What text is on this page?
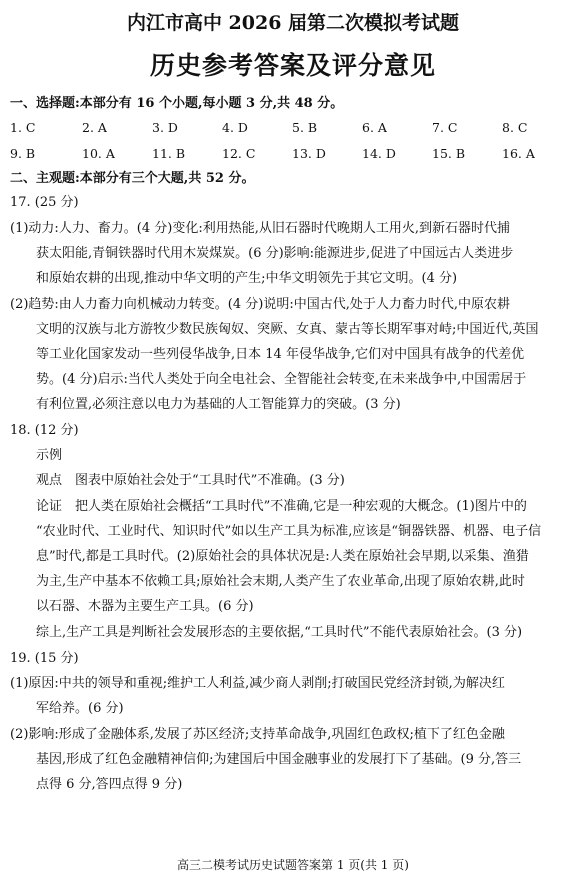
内江市高中 2026 届第二次模拟考试题
历史参考答案及评分意见
一、选择题:本部分有 16 个小题,每小题 3 分,共 48 分。
1. C	2. A	3. D	4. D	5. B	6. A	7. C	8. C
9. B	10. A	11. B	12. C	13. D	14. D	15. B	16. A
二、主观题:本部分有三个大题,共 52 分。
17. (25 分)
(1)动力:人力、畜力。(4 分)变化:利用热能,从旧石器时代晚期人工用火,到新石器时代捕
获太阳能,青铜铁器时代用木炭煤炭。(6 分)影响:能源进步,促进了中国远古人类进步
和原始农耕的出现,推动中华文明的产生;中华文明领先于其它文明。(4 分)
(2)趋势:由人力畜力向机械动力转变。(4 分)说明:中国古代,处于人力畜力时代,中原农耕
文明的汉族与北方游牧少数民族匈奴、突厥、女真、蒙古等长期军事对峙;中国近代,英国
等工业化国家发动一些列侵华战争,日本 14 年侵华战争,它们对中国具有战争的代差优
势。(4 分)启示:当代人类处于向全电社会、全智能社会转变,在未来战争中,中国需居于
有利位置,必须注意以电力为基础的人工智能算力的突破。(3 分)
18. (12 分)
示例
观点　图表中原始社会处于“工具时代”不准确。(3 分)
论证　把人类在原始社会概括“工具时代”不准确,它是一种宏观的大概念。(1)图片中的
“农业时代、工业时代、知识时代”如以生产工具为标准,应该是“铜器铁器、机器、电子信
息”时代,都是工具时代。(2)原始社会的具体状况是:人类在原始社会早期,以采集、渔猎
为主,生产中基本不依赖工具;原始社会末期,人类产生了农业革命,出现了原始农耕,此时
以石器、木器为主要生产工具。(6 分)
综上,生产工具是判断社会发展形态的主要依据,“工具时代”不能代表原始社会。(3 分)
19. (15 分)
(1)原因:中共的领导和重视;维护工人利益,减少商人剥削;打破国民党经济封锁,为解决红
军给养。(6 分)
(2)影响:形成了金融体系,发展了苏区经济;支持革命战争,巩固红色政权;植下了红色金融
基因,形成了红色金融精神信仰;为建国后中国金融事业的发展打下了基础。(9 分,答三
点得 6 分,答四点得 9 分)
高三二模考试历史试题答案第 1 页(共 1 页)
